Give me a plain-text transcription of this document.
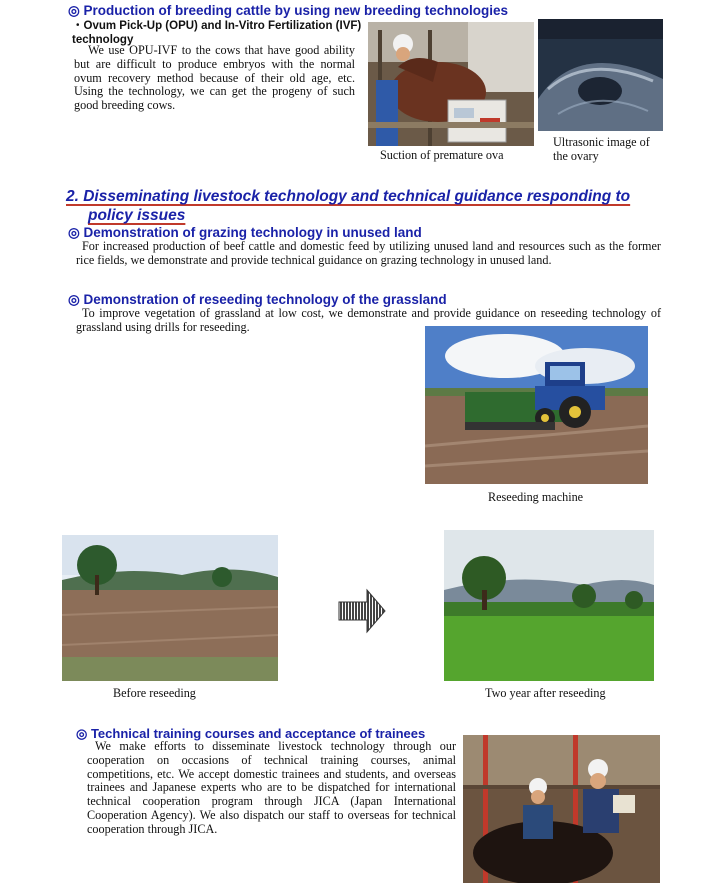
◎ Production of breeding cattle by using new breeding technologies
・Ovum Pick-Up (OPU) and In-Vitro Fertilization (IVF) technology
We use OPU-IVF to the cows that have good ability but are difficult to produce embryos with the normal ovum recovery method because of their old age, etc. Using the technology, we can get the progeny of such good breeding cows.
Suction of premature ova
Ultrasonic image of the ovary
2. Disseminating livestock technology and technical guidance responding to
policy issues
◎ Demonstration of grazing technology in unused land
For increased production of beef cattle and domestic feed by utilizing unused land and resources such as the former rice fields, we demonstrate and provide technical guidance on grazing technology in unused land.
◎ Demonstration of reseeding technology of the grassland
To improve vegetation of grassland at low cost, we demonstrate and provide guidance on reseeding technology of grassland using drills for reseeding.
Reseeding machine
Before reseeding	Two year after reseeding
◎ Technical training courses and acceptance of trainees
We make efforts to disseminate livestock technology through our cooperation on occasions of technical training courses, animal competitions, etc. We accept domestic trainees and students, and overseas trainees and Japanese experts who are to be dispatched for international technical cooperation program through JICA (Japan International Cooperation Agency). We also dispatch our staff to overseas for technical cooperation through JICA.
